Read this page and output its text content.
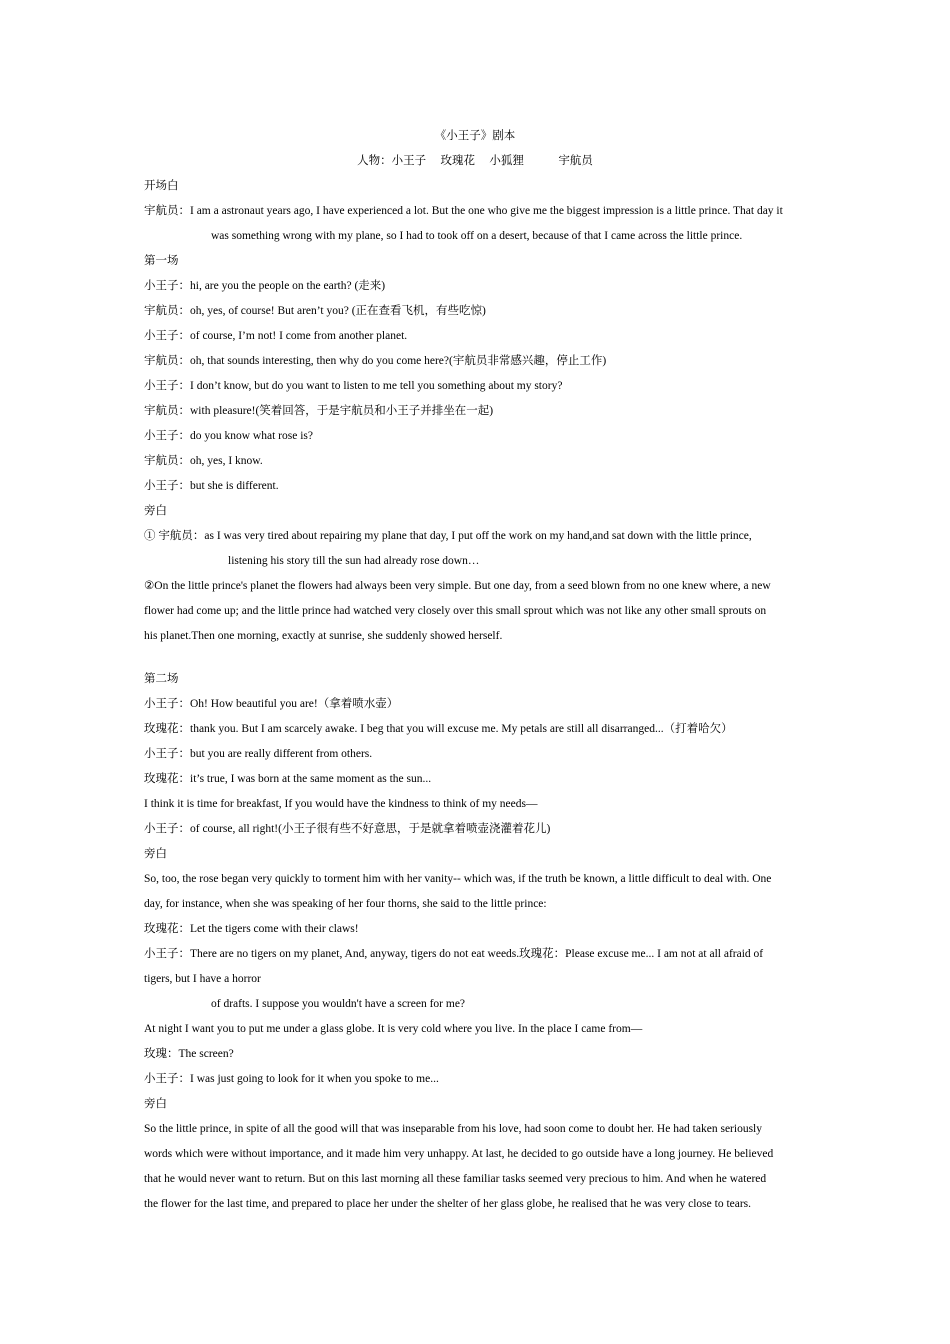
《小王子》剧本
人物：小王子　 玫瑰花　 小狐狸　　　宇航员
开场白
宇航员：I am a astronaut years ago, I have experienced a lot. But the one who give me the biggest impression is a little prince. That day it
was something wrong with my plane, so I had to took off on a desert, because of that I came across the little prince.
第一场
小王子：hi, are you the people on the earth? (走来)
宇航员：oh, yes, of course! But aren’t you? (正在查看飞机，有些吃惊)
小王子：of course, I’m not! I come from another planet.
宇航员：oh, that sounds interesting, then why do you come here?(宇航员非常感兴趣，停止工作)
小王子：I don’t know, but do you want to listen to me tell you something about my story?
宇航员：with pleasure!(笑着回答，于是宇航员和小王子并排坐在一起)
小王子：do you know what rose is?
宇航员：oh, yes, I know.
小王子：but she is different.
旁白
① 宇航员：as I was very tired about repairing my plane that day, I put off the work on my hand,and sat down with the little prince,
listening his story till the sun had already rose down…
②On the little prince's planet the flowers had always been very simple. But one day, from a seed blown from no one knew where, a new
flower had come up; and the little prince had watched very closely over this small sprout which was not like any other small sprouts on
his planet.Then one morning, exactly at sunrise, she suddenly showed herself.
第二场
小王子：Oh! How beautiful you are!（拿着喷水壶）
玫瑰花：thank you. But I am scarcely awake. I beg that you will excuse me. My petals are still all disarranged...（打着哈欠）
小王子：but you are really different from others.
玫瑰花：it’s true, I was born at the same moment as the sun...
I think it is time for breakfast, If you would have the kindness to think of my needs—
小王子：of course, all right!(小王子很有些不好意思，于是就拿着喷壶浇灌着花儿)
旁白
So, too, the rose began very quickly to torment him with her vanity-- which was, if the truth be known, a little difficult to deal with. One
day, for instance, when she was speaking of her four thorns, she said to the little prince:
玫瑰花：Let the tigers come with their claws!
小王子：There are no tigers on my planet, And, anyway, tigers do not eat weeds.玫瑰花：Please excuse me... I am not at all afraid of
tigers, but I have a horror
of drafts. I suppose you wouldn't have a screen for me?
At night I want you to put me under a glass globe. It is very cold where you live. In the place I came from—
玫瑰：The screen?
小王子：I was just going to look for it when you spoke to me...
旁白
So the little prince, in spite of all the good will that was inseparable from his love, had soon come to doubt her. He had taken seriously
words which were without importance, and it made him very unhappy. At last, he decided to go outside have a long journey. He believed
that he would never want to return. But on this last morning all these familiar tasks seemed very precious to him. And when he watered
the flower for the last time, and prepared to place her under the shelter of her glass globe, he realised that he was very close to tears.
